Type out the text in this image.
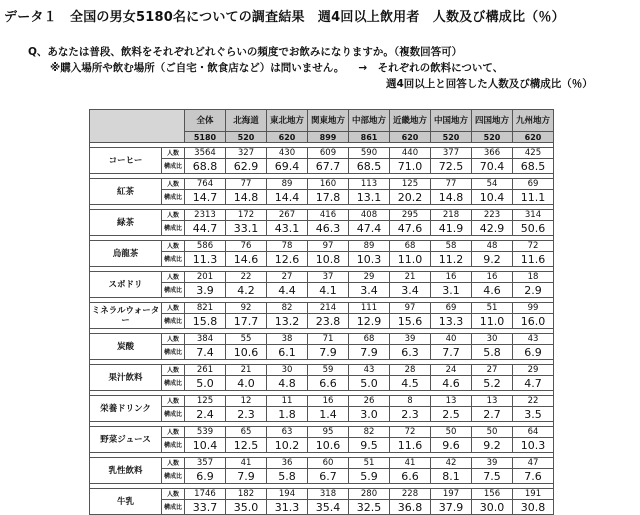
データ１　全国の男女5180名についての調査結果　週4回以上飲用者　人数及び構成比（％）
Q、あなたは普段、飲料をそれぞれどれぐらいの頻度でお飲みになりますか。（複数回答可）
※購入場所や飲む場所（ご自宅・飲食店など）は問いません。 →　それぞれの飲料について、
週4回以上と回答した人数及び構成比（％）
		全体	北海道	東北地方	関東地方	中部地方	近畿地方	中国地方	四国地方	九州地方
		5180	520	620	899	861	620	520	520	620

コーヒー	人数	3564	327	430	609	590	440	377	366	425
	構成比	68.8	62.9	69.4	67.7	68.5	71.0	72.5	70.4	68.5

紅茶	人数	764	77	89	160	113	125	77	54	69
	構成比	14.7	14.8	14.4	17.8	13.1	20.2	14.8	10.4	11.1

緑茶	人数	2313	172	267	416	408	295	218	223	314
	構成比	44.7	33.1	43.1	46.3	47.4	47.6	41.9	42.9	50.6

烏龍茶	人数	586	76	78	97	89	68	58	48	72
	構成比	11.3	14.6	12.6	10.8	10.3	11.0	11.2	9.2	11.6

スポドリ	人数	201	22	27	37	29	21	16	16	18
	構成比	3.9	4.2	4.4	4.1	3.4	3.4	3.1	4.6	2.9

ミネラルウォーター	人数	821	92	82	214	111	97	69	51	99
	構成比	15.8	17.7	13.2	23.8	12.9	15.6	13.3	11.0	16.0

炭酸	人数	384	55	38	71	68	39	40	30	43
	構成比	7.4	10.6	6.1	7.9	7.9	6.3	7.7	5.8	6.9

果汁飲料	人数	261	21	30	59	43	28	24	27	29
	構成比	5.0	4.0	4.8	6.6	5.0	4.5	4.6	5.2	4.7

栄養ドリンク	人数	125	12	11	16	26	8	13	13	22
	構成比	2.4	2.3	1.8	1.4	3.0	2.3	2.5	2.7	3.5

野菜ジュース	人数	539	65	63	95	82	72	50	50	64
	構成比	10.4	12.5	10.2	10.6	9.5	11.6	9.6	9.2	10.3

乳性飲料	人数	357	41	36	60	51	41	42	39	47
	構成比	6.9	7.9	5.8	6.7	5.9	6.6	8.1	7.5	7.6

牛乳	人数	1746	182	194	318	280	228	197	156	191
	構成比	33.7	35.0	31.3	35.4	32.5	36.8	37.9	30.0	30.8
